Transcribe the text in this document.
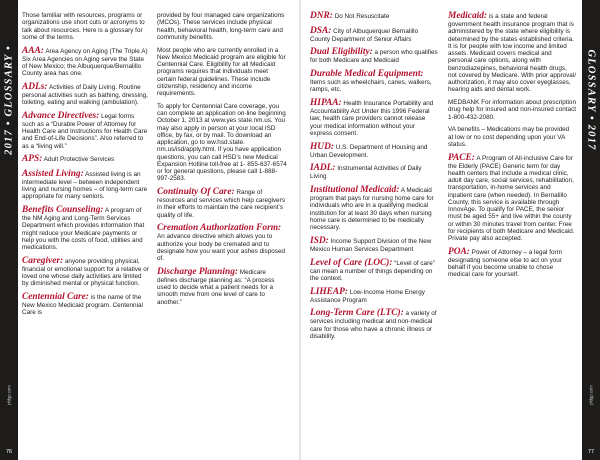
2017 • GLOSSARY •
pfdgp.com
76
GLOSSARY • 2017
pfdgp.com
77
Those familiar with resources, programs or organizations use short cuts or acronyms to talk about resources. Here is a glossary for some of the terms.
AAA: Area Agency on Aging (The Triple A) Six Area Agencies on Aging serve the State of New Mexico; the Albuquerque/Bernalillo County area has one.
ADLs: Activities of Daily Living. Routine personal activities such as bathing, dressing, toileting, eating and walking (ambulation).
Advance Directives: Legal forms such as a “Durable Power of Attorney for Health Care and Instructions for Health Care and End-of-Life Decisions”. Also referred to as a “living will.”
APS: Adult Protective Services
Assisted Living: Assisted living is an intermediate level – between independent living and nursing homes – of long-term care appropriate for many seniors.
Benefits Counseling: A program of the NM Aging and Long-Term Services Department which provides information that might reduce your Medicare payments or help you with the costs of food, utilities and medications.
Caregiver: anyone providing physical, financial or emotional support for a relative or loved one whose daily activities are limited by diminished mental or physical function.
Centennial Care: is the name of the New Mexico Medicaid program. Centennial Care is
provided by four managed care organizations (MCOs). These services include physical health, behavioral health, long-term care and community benefits.
Most people who are currently enrolled in a New Mexico Medicaid program are eligible for Centennial Care. Eligibility for all Medicaid programs requires that individuals meet certain federal guidelines. These include citizenship, residency and income requirements.
To apply for Centennial Care coverage, you can complete an application on-line beginning October 1, 2013 at www.yes state.nm.us. You may also apply in person at your local ISD office, by fax, or by mail. To download an application, go to ww.hsd.state. nm.us/isd/apply.html. If you have application questions, you can call HSD’s new Medical Expansion Hotline toll-free at 1- 855-637-6574 or for general questions, please call 1-888-997-2583.
Continuity Of Care: Range of resources and services which help caregivers in their efforts to maintain the care recipient’s quality of life.
Cremation Authorization Form: An advance directive which allows you to authorize your body be cremated and to designate how you want your ashes disposed of.
Discharge Planning: Medicare defines discharge planning as: “A process used to decide what a patient needs for a smooth move from one level of care to another.”
DNR: Do Not Resuscitate
DSA: City of Albuquerque/ Bernalillo County Department of Senior Affairs
Dual Eligibility: a person who qualifies for both Medicare and Medicaid
Durable Medical Equipment: Items such as wheelchairs, canes, walkers, ramps, etc.
HIPAA: Health Insurance Portability and Accountability Act Under this 1996 Federal law, health care providers cannot release your medical information without your express consent.
HUD: U.S. Department of Housing and Urban Development.
IADL: Instrumental Activities of Daily Living
Institutional Medicaid: A Medicaid program that pays for nursing home care for individuals who are in a qualifying medical institution for at least 30 days when nursing home care is determined to be medically necessary.
ISD: Income Support Division of the New Mexico Human Services Department
Level of Care (LOC): “Level of care” can mean a number of things depending on the context.
LIHEAP: Low-Income Home Energy Assistance Program
Long-Term Care (LTC): a variety of services including medical and non-medical care for those who have a chronic illness or disability.
Medicaid: is a state and federal government health insurance program that is administered by the state where eligibility is determined by the states established criteria. It is for people with low income and limited assets. Medicaid covers medical and personal care options, along with benzodiazepines, behavioral health drugs, not covered by Medicare. With prior approval/ authorization, it may also cover eyeglasses, hearing aids and dental work.
MEDBANK For information about prescription drug help for insured and non-insured contact 1-800-432-2080.
VA benefits – Medications may be provided at low or no cost depending upon your VA status.
PACE: A Program of All-inclusive Care for the Elderly (PACE) Generic term for day health centers that include a medical clinic, adult day care, social services, rehabilitation, transportation, in-home services and inpatient care (when needed). In Bernalillo County, this service is available through InnovAge. To qualify for PACE, the senior must be aged 55+ and live within the county or within 30 minutes travel from center. Free for recipients of both Medicare and Medicaid. Private pay also accepted.
POA: Power of Attorney – a legal form designating someone else to act on your behalf if you become unable to chose medical care for yourself.
